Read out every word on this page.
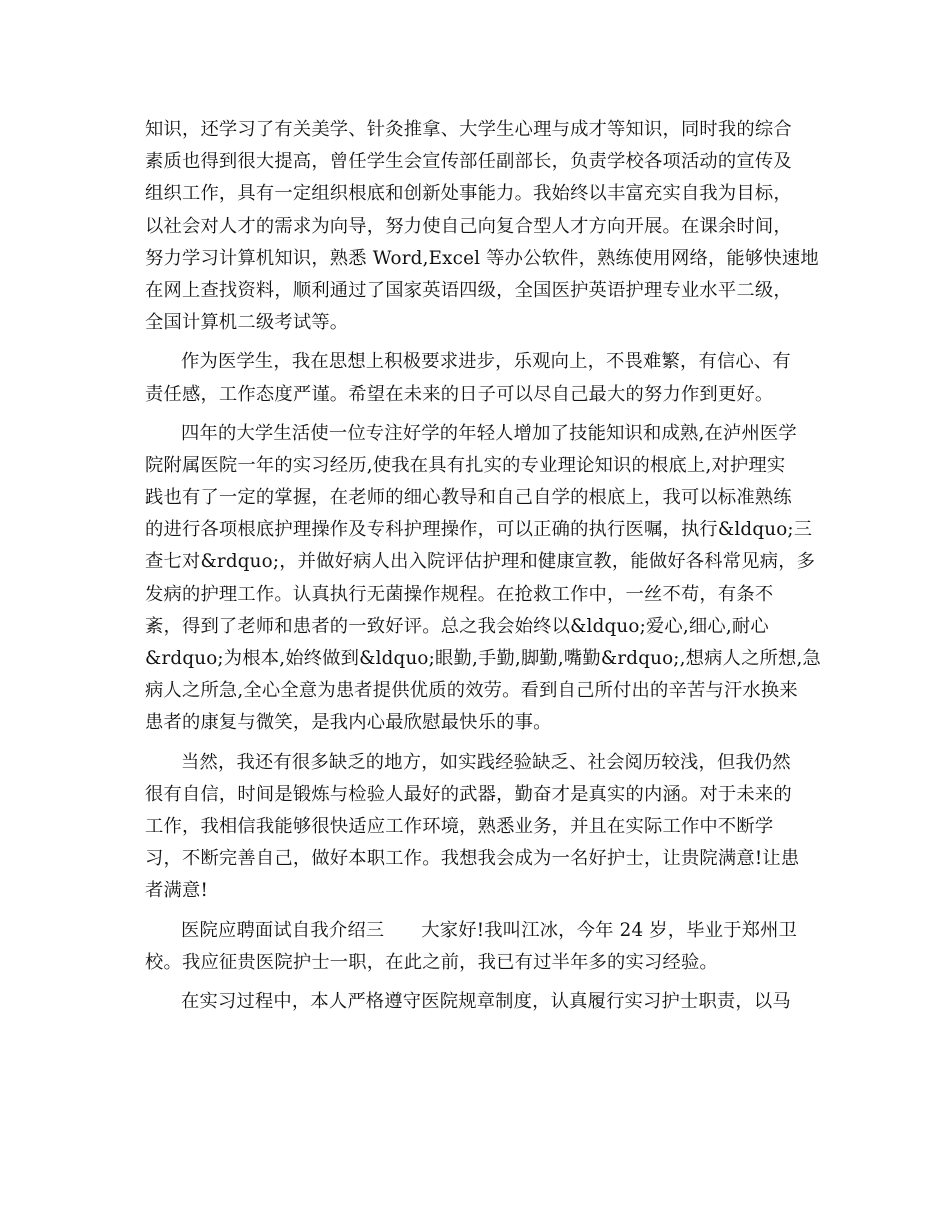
知识，还学习了有关美学、针灸推拿、大学生心理与成才等知识，同时我的综合
素质也得到很大提高，曾任学生会宣传部任副部长，负责学校各项活动的宣传及
组织工作，具有一定组织根底和创新处事能力。我始终以丰富充实自我为目标，
以社会对人才的需求为向导，努力使自己向复合型人才方向开展。在课余时间，
努力学习计算机知识，熟悉 Word,Excel 等办公软件，熟练使用网络，能够快速地
在网上查找资料，顺利通过了国家英语四级，全国医护英语护理专业水平二级，
全国计算机二级考试等。
作为医学生，我在思想上积极要求进步，乐观向上，不畏难繁，有信心、有
责任感，工作态度严谨。希望在未来的日子可以尽自己最大的努力作到更好。
四年的大学生活使一位专注好学的年轻人增加了技能知识和成熟,在泸州医学
院附属医院一年的实习经历,使我在具有扎实的专业理论知识的根底上,对护理实
践也有了一定的掌握，在老师的细心教导和自己自学的根底上，我可以标准熟练
的进行各项根底护理操作及专科护理操作，可以正确的执行医嘱，执行&ldquo;三
查七对&rdquo;，并做好病人出入院评估护理和健康宣教，能做好各科常见病，多
发病的护理工作。认真执行无菌操作规程。在抢救工作中，一丝不苟，有条不
紊，得到了老师和患者的一致好评。总之我会始终以&ldquo;爱心,细心,耐心
&rdquo;为根本,始终做到&ldquo;眼勤,手勤,脚勤,嘴勤&rdquo;,想病人之所想,急
病人之所急,全心全意为患者提供优质的效劳。看到自己所付出的辛苦与汗水换来
患者的康复与微笑，是我内心最欣慰最快乐的事。
当然，我还有很多缺乏的地方，如实践经验缺乏、社会阅历较浅，但我仍然
很有自信，时间是锻炼与检验人最好的武器，勤奋才是真实的内涵。对于未来的
工作，我相信我能够很快适应工作环境，熟悉业务，并且在实际工作中不断学
习，不断完善自己，做好本职工作。我想我会成为一名好护士，让贵院满意!让患
者满意!
医院应聘面试自我介绍三　　大家好!我叫江冰，今年 24 岁，毕业于郑州卫
校。我应征贵医院护士一职，在此之前，我已有过半年多的实习经验。
在实习过程中，本人严格遵守医院规章制度，认真履行实习护士职责，以马
